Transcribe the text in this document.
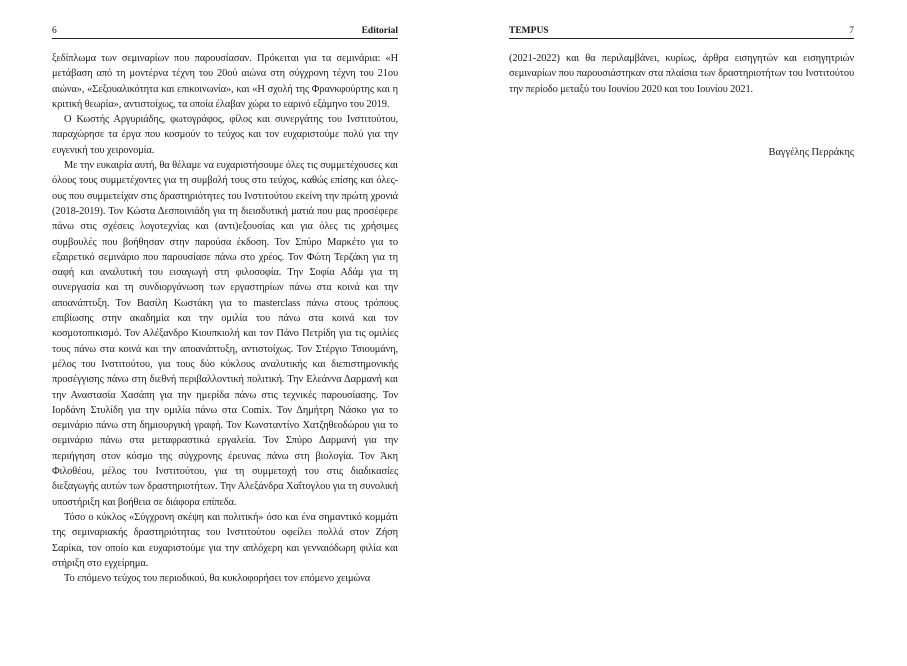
6	Editorial

ξεδίπλωμα των σεμιναρίων που παρουσίασαν. Πρόκειται για τα σεμινάρια: «Η μετάβαση από τη μοντέρνα τέχνη του 20ού αιώνα στη σύγχρονη τέχνη του 21ου αιώνα», «Σεξουαλικότητα και επικοινωνία», και «Η σχολή της Φρανκφούρτης και η κριτική θεωρία», αντιστοίχως, τα οποία έλαβαν χώρα το εαρινό εξάμηνο του 2019.

Ο Κωστής Αργυριάδης, φωτογράφος, φίλος και συνεργάτης του Ινστιτούτου, παραχώρησε τα έργα που κοσμούν το τεύχος και τον ευχαριστούμε πολύ για την ευγενική του χειρονομία.

Με την ευκαιρία αυτή, θα θέλαμε να ευχαριστήσουμε όλες τις συμμετέχουσες και όλους τους συμμετέχοντες για τη συμβολή τους στο τεύχος, καθώς επίσης και όλες-ους που συμμετείχαν στις δραστηριότητες του Ινστιτούτου εκείνη την πρώτη χρονιά (2018-2019). Τον Κώστα Δεσποινιάδη για τη διεισδυτική ματιά που μας προσέφερε πάνω στις σχέσεις λογοτεχνίας και (αντι)εξουσίας και για όλες τις χρήσιμες συμβουλές που βοήθησαν στην παρούσα έκδοση. Τον Σπύρο Μαρκέτο για το εξαιρετικό σεμινάριο που παρουσίασε πάνω στο χρέος. Τον Φώτη Τερζάκη για τη σαφή και αναλυτική του εισαγωγή στη φιλοσοφία. Την Σοφία Αδάμ για τη συνεργασία και τη συνδιοργάνωση των εργαστηρίων πάνω στα κοινά και την αποανάπτυξη. Τον Βασίλη Κωστάκη για το masterclass πάνω στους τρόπους επιβίωσης στην ακαδημία και την ομιλία του πάνω στα κοινά και τον κοσμοτοπικισμό. Τον Αλέξανδρο Κιουπκιολή και τον Πάνο Πετρίδη για τις ομιλίες τους πάνω στα κοινά και την αποανάπτυξη, αντιστοίχως. Τον Στέργιο Τσιουμάνη, μέλος του Ινστιτούτου, για τους δύο κύκλους αναλυτικής και διεπιστημονικής προσέγγισης πάνω στη διεθνή περιβαλλοντική πολιτική. Την Ελεάννα Δαρμανή και την Αναστασία Χασάπη για την ημερίδα πάνω στις τεχνικές παρουσίασης. Τον Ιορδάνη Στυλίδη για την ομιλία πάνω στα Comix. Τον Δημήτρη Νάσκο για το σεμινάριο πάνω στη δημιουργική γραφή. Τον Κωνσταντίνο Χατζηθεοδώρου για το σεμινάριο πάνω στα μεταφραστικά εργαλεία. Τον Σπύρο Δαρμανή για την περιήγηση στον κόσμο της σύγχρονης έρευνας πάνω στη βιολογία. Τον Άκη Φιλοθέου, μέλος του Ινστιτούτου, για τη συμμετοχή του στις διαδικασίες διεξαγωγής αυτών των δραστηριοτήτων. Την Αλεξάνδρα Χαΐτογλου για τη συνολική υποστήριξη και βοήθεια σε διάφορα επίπεδα.

Τόσο ο κύκλος «Σύγχρονη σκέψη και πολιτική» όσο και ένα σημαντικό κομμάτι της σεμιναριακής δραστηριότητας του Ινστιτούτου οφείλει πολλά στον Ζήση Σαρίκα, τον οποίο και ευχαριστούμε για την απλόχερη και γενναιόδωρη φιλία και στήριξη στο εγχείρημα.

Το επόμενο τεύχος του περιοδικού, θα κυκλοφορήσει τον επόμενο χειμώνα

TEMPUS	7

(2021-2022) και θα περιλαμβάνει, κυρίως, άρθρα εισηγητών και εισηγητριών σεμιναρίων που παρουσιάστηκαν στα πλαίσια των δραστηριοτήτων του Ινστιτούτου την περίοδο μεταξύ του Ιουνίου 2020 και του Ιουνίου 2021.

Βαγγέλης Περράκης
